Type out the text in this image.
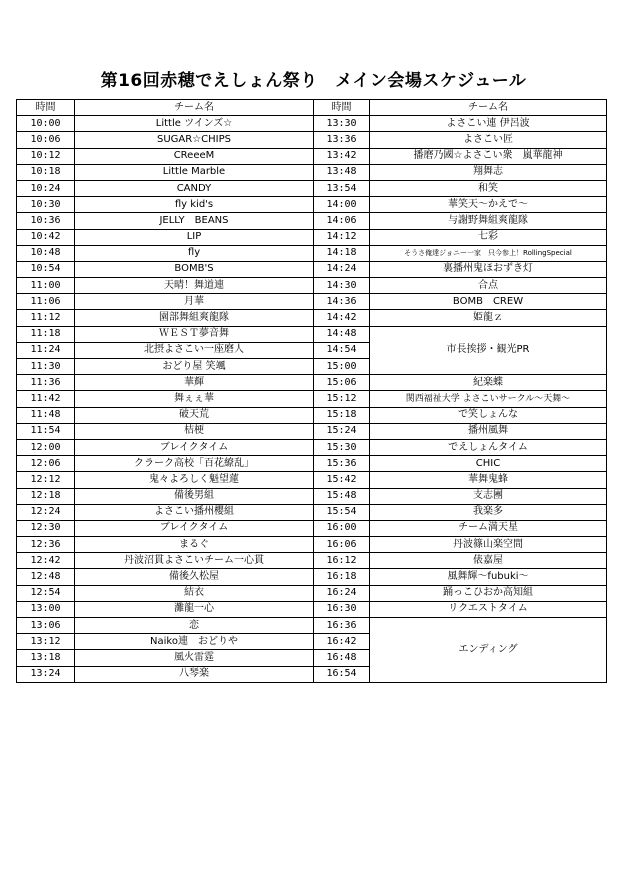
第16回赤穂でえしょん祭り　メイン会場スケジュール
時間	チーム名	時間	チーム名
10:00	Little ツインズ☆	13:30	よさこい連 伊呂波
10:06	SUGAR☆CHIPS	13:36	よさこい匠
10:12	CReeeM	13:42	播磨乃國☆よさこい衆　嵐華龍神
10:18	Little Marble	13:48	翔舞志
10:24	CANDY	13:54	和笑
10:30	fly kid's	14:00	華笑天～かえで～
10:36	JELLY　BEANS	14:06	与謝野舞組爽龍隊
10:42	LIP	14:12	七彩
10:48	fly	14:18	そうさ俺達ジョニー一家　只今参上！RollingSpecial
10:54	BOMB'S	14:24	裏播州鬼ほおずき灯
11:00	天晴！舞道連	14:30	合点
11:06	月華	14:36	BOMB　CREW
11:12	園部舞組爽龍隊	14:42	姫龍ｚ
11:18	ＷＥＳＴ夢音舞	14:48	市長挨拶・観光PR
11:24	北摂よさこい一座磨人	14:54	
11:30	おどり屋 笑颯	15:00	
11:36	華輝	15:06	紀楽蝶
11:42	舞ぇぇ華	15:12	関西福祉大学 よさこいサークル～天舞～
11:48	破天荒	15:18	で笑しょんな
11:54	桔梗	15:24	播州風舞
12:00	ブレイクタイム	15:30	でえしょんタイム
12:06	クラーク高校「百花繚乱」	15:36	CHIC
12:12	鬼々よろしく魁望蓮	15:42	華舞鬼蜂
12:18	備後男組	15:48	支志團
12:24	よさこい播州櫻組	15:54	我楽多
12:30	ブレイクタイム	16:00	チーム満天星
12:36	まるぐ	16:06	丹波篠山楽空間
12:42	丹波沼貫よさこいチーム一心貫	16:12	俵嘉屋
12:48	備後久松屋	16:18	風舞輝～fubuki～
12:54	結衣	16:24	踊っこひおか高知組
13:00	灘龍一心	16:30	リクエストタイム
13:06	恋	16:36	エンディング
13:12	Naiko連　おどりや	16:42	
13:18	風火雷霆	16:48	
13:24	八琴楽	16:54	
